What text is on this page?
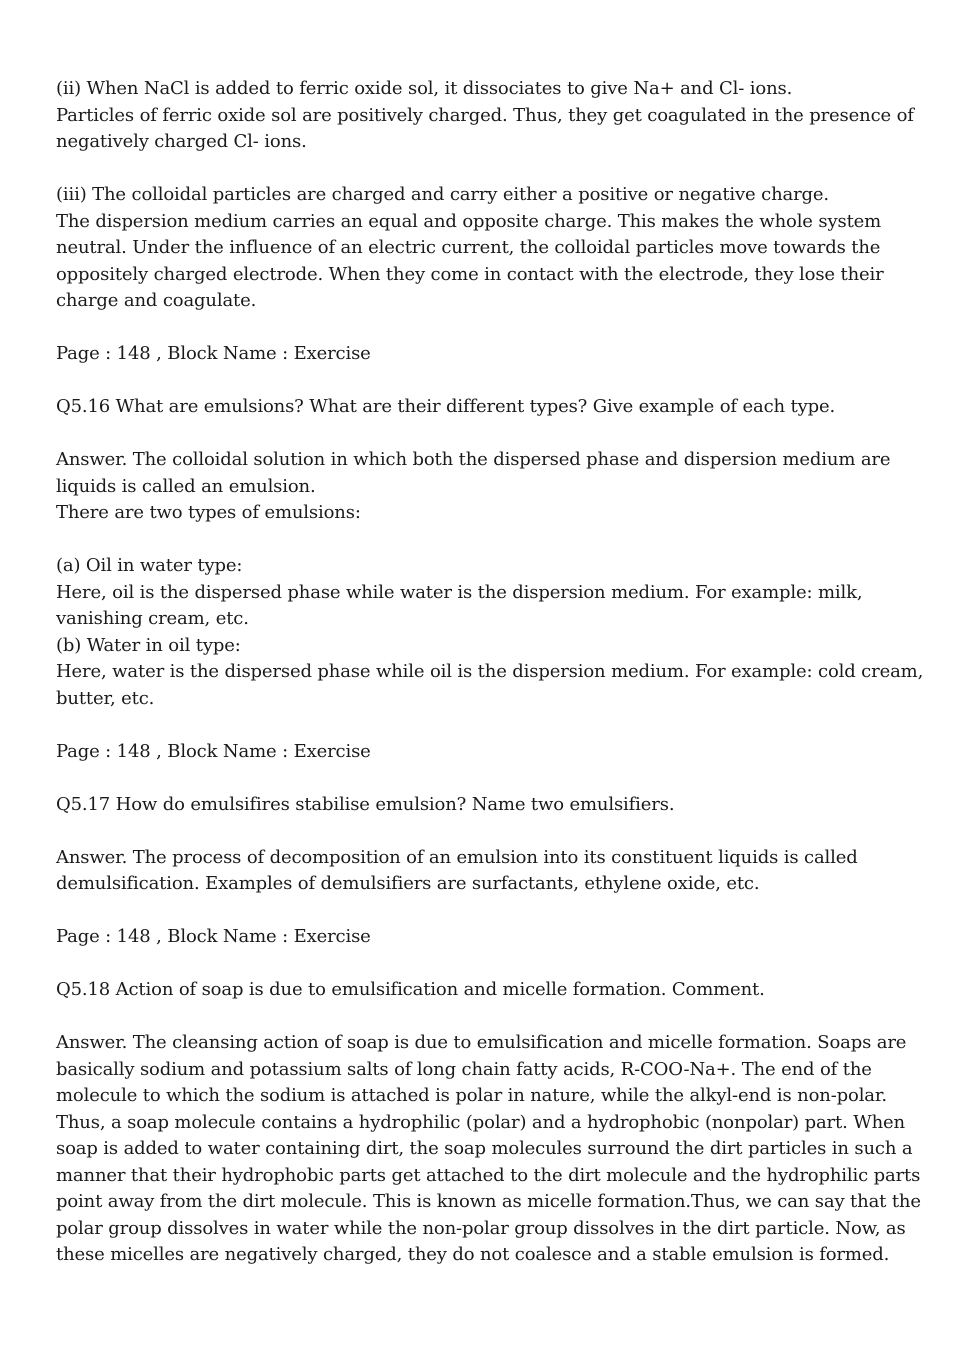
(ii) When NaCl is added to ferric oxide sol, it dissociates to give Na+ and Cl- ions.
Particles of ferric oxide sol are positively charged. Thus, they get coagulated in the presence of
negatively charged Cl- ions.

(iii) The colloidal particles are charged and carry either a positive or negative charge.
The dispersion medium carries an equal and opposite charge. This makes the whole system
neutral. Under the influence of an electric current, the colloidal particles move towards the
oppositely charged electrode. When they come in contact with the electrode, they lose their
charge and coagulate.

Page : 148 , Block Name : Exercise

Q5.16 What are emulsions? What are their different types? Give example of each type.

Answer. The colloidal solution in which both the dispersed phase and dispersion medium are
liquids is called an emulsion.
There are two types of emulsions:

(a) Oil in water type:
Here, oil is the dispersed phase while water is the dispersion medium. For example: milk,
vanishing cream, etc.
(b) Water in oil type:
Here, water is the dispersed phase while oil is the dispersion medium. For example: cold cream,
butter, etc.

Page : 148 , Block Name : Exercise

Q5.17 How do emulsifires stabilise emulsion? Name two emulsifiers.

Answer. The process of decomposition of an emulsion into its constituent liquids is called
demulsification. Examples of demulsifiers are surfactants, ethylene oxide, etc.

Page : 148 , Block Name : Exercise

Q5.18 Action of soap is due to emulsification and micelle formation. Comment.

Answer. The cleansing action of soap is due to emulsification and micelle formation. Soaps are
basically sodium and potassium salts of long chain fatty acids, R-COO-Na+. The end of the
molecule to which the sodium is attached is polar in nature, while the alkyl-end is non-polar.
Thus, a soap molecule contains a hydrophilic (polar) and a hydrophobic (nonpolar) part. When
soap is added to water containing dirt, the soap molecules surround the dirt particles in such a
manner that their hydrophobic parts get attached to the dirt molecule and the hydrophilic parts
point away from the dirt molecule. This is known as micelle formation.Thus, we can say that the
polar group dissolves in water while the non-polar group dissolves in the dirt particle. Now, as
these micelles are negatively charged, they do not coalesce and a stable emulsion is formed.
